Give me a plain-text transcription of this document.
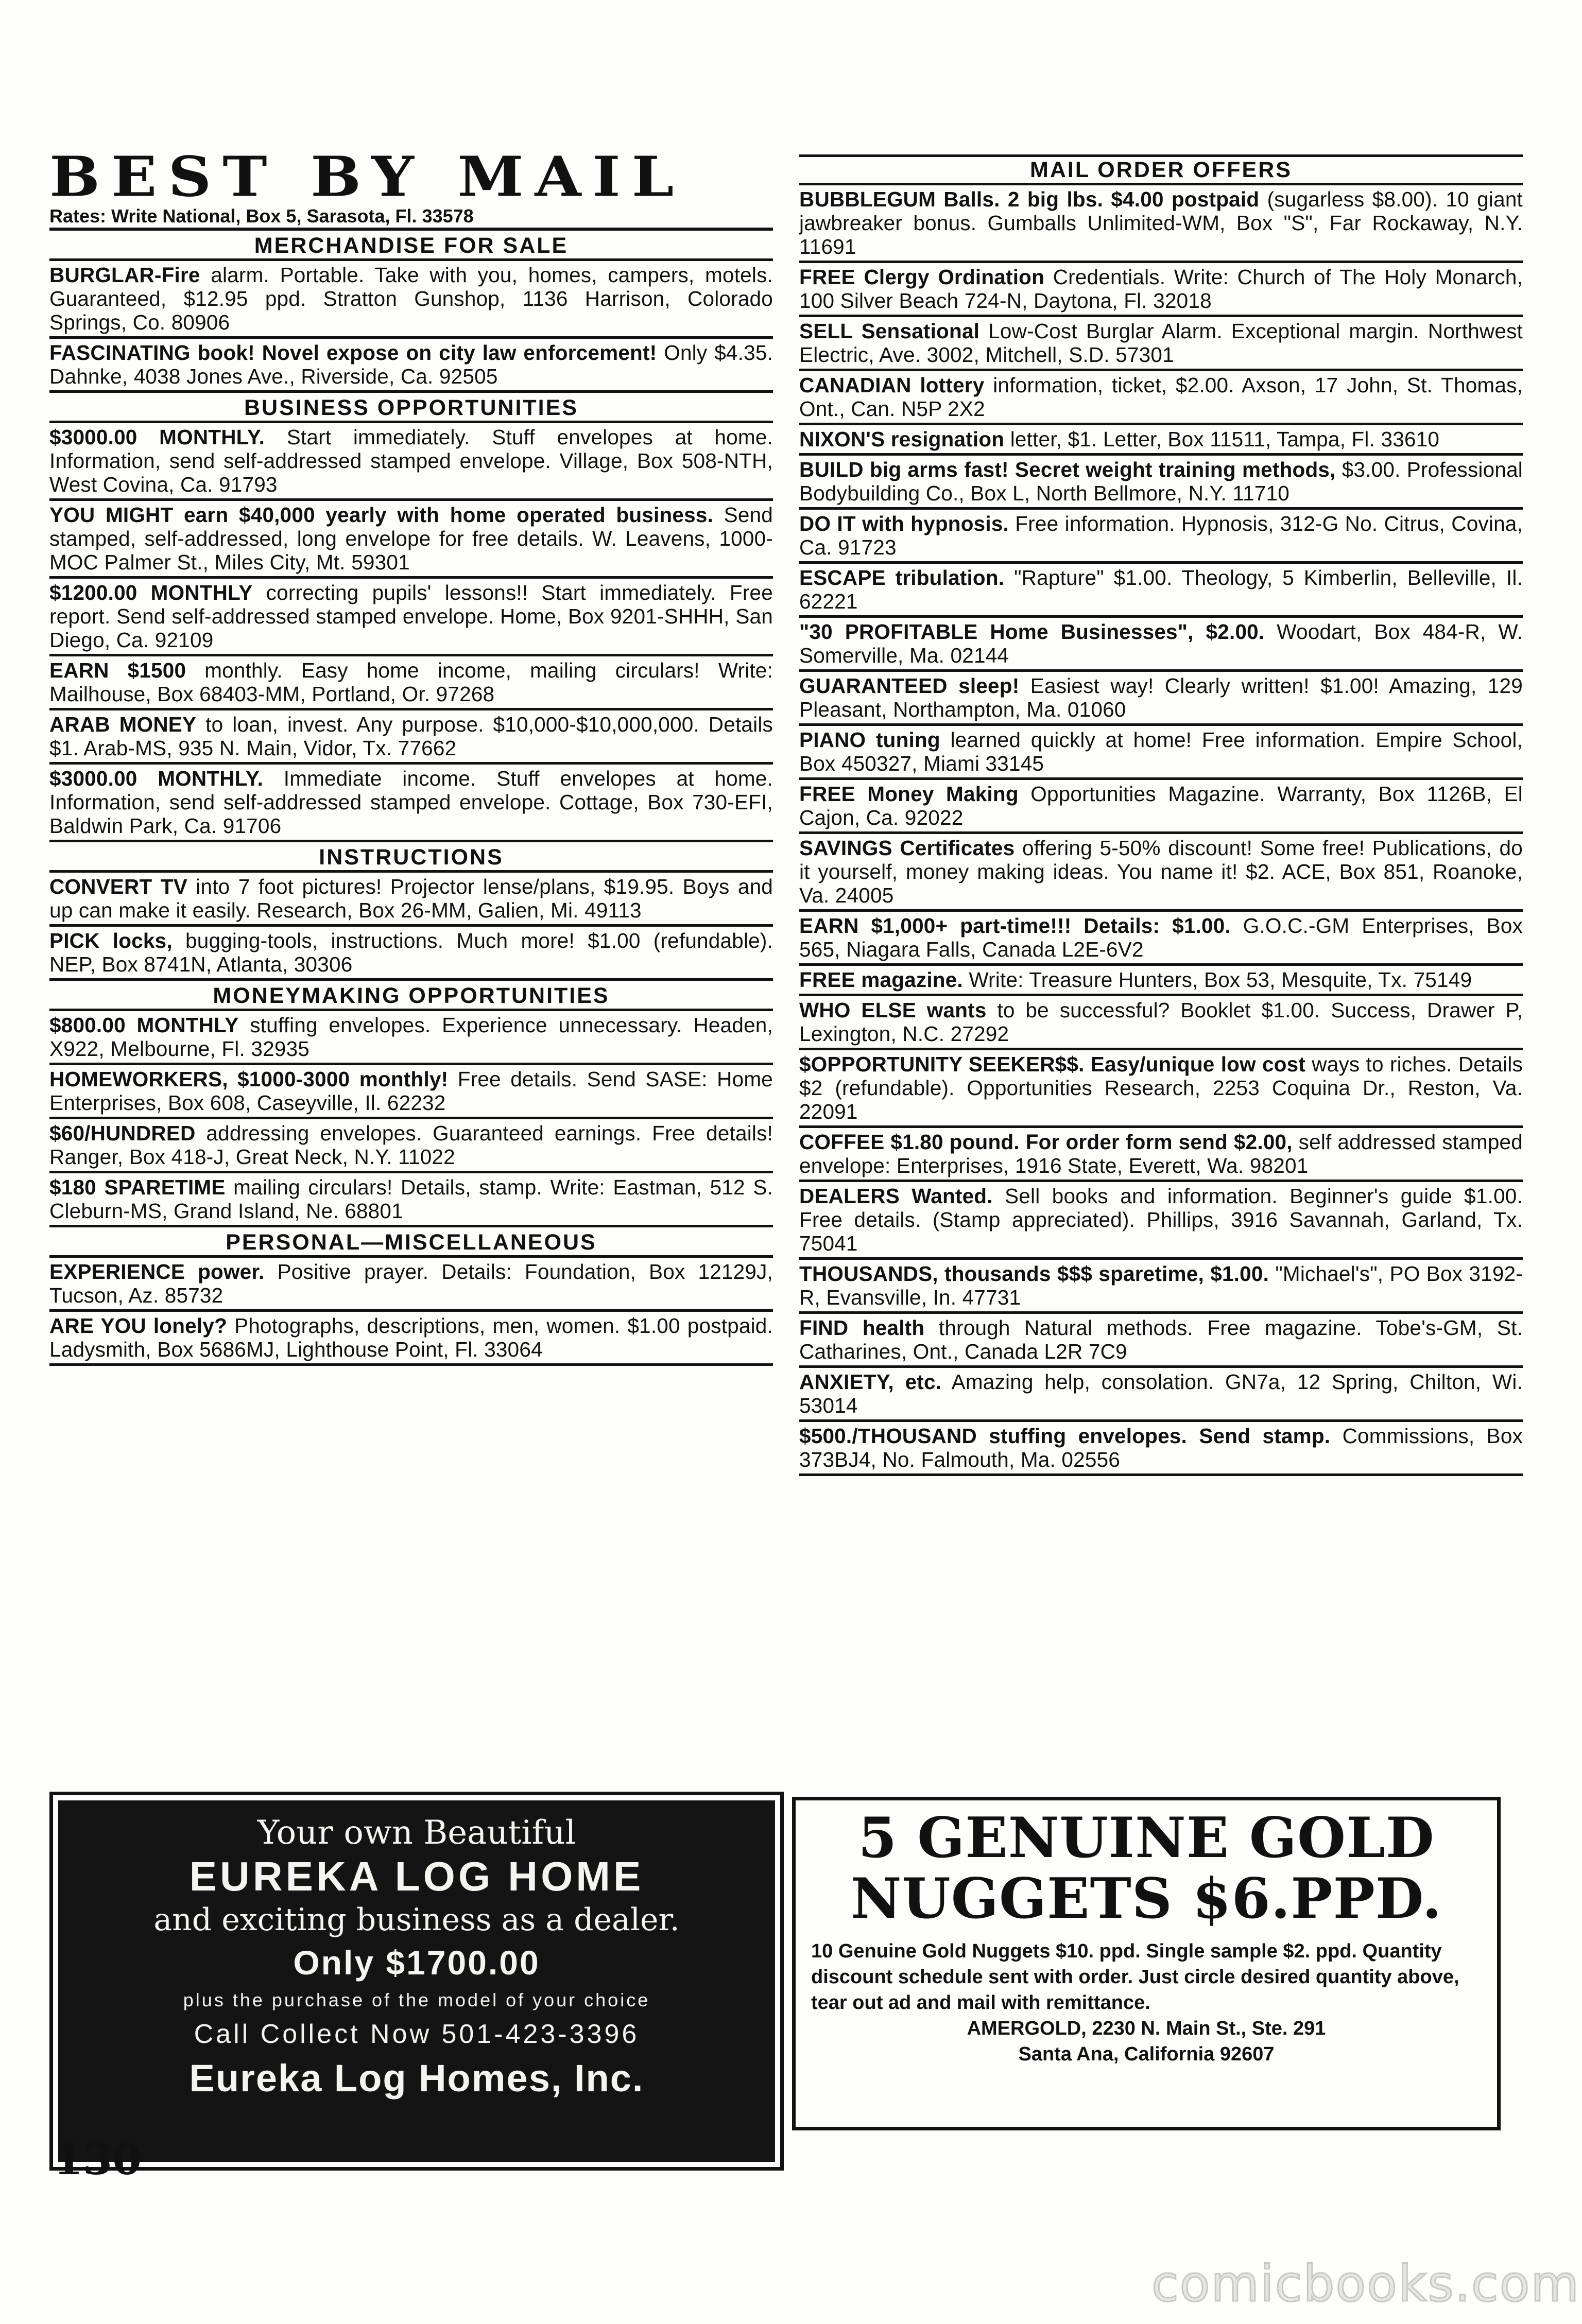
BEST BY MAIL
Rates: Write National, Box 5, Sarasota, Fl. 33578
MERCHANDISE FOR SALE
BURGLAR-Fire alarm. Portable. Take with you, homes, campers, motels. Guaranteed, $12.95 ppd. Stratton Gunshop, 1136 Harrison, Colorado Springs, Co. 80906
FASCINATING book! Novel expose on city law enforcement! Only $4.35. Dahnke, 4038 Jones Ave., Riverside, Ca. 92505
BUSINESS OPPORTUNITIES
$3000.00 MONTHLY. Start immediately. Stuff envelopes at home. Information, send self-addressed stamped envelope. Village, Box 508-NTH, West Covina, Ca. 91793
YOU MIGHT earn $40,000 yearly with home operated business. Send stamped, self-addressed, long envelope for free details. W. Leavens, 1000-MOC Palmer St., Miles City, Mt. 59301
$1200.00 MONTHLY correcting pupils' lessons!! Start immediately. Free report. Send self-addressed stamped envelope. Home, Box 9201-SHHH, San Diego, Ca. 92109
EARN $1500 monthly. Easy home income, mailing circulars! Write: Mailhouse, Box 68403-MM, Portland, Or. 97268
ARAB MONEY to loan, invest. Any purpose. $10,000-$10,000,000. Details $1. Arab-MS, 935 N. Main, Vidor, Tx. 77662
$3000.00 MONTHLY. Immediate income. Stuff envelopes at home. Information, send self-addressed stamped envelope. Cottage, Box 730-EFI, Baldwin Park, Ca. 91706
INSTRUCTIONS
CONVERT TV into 7 foot pictures! Projector lense/plans, $19.95. Boys and up can make it easily. Research, Box 26-MM, Galien, Mi. 49113
PICK locks, bugging-tools, instructions. Much more! $1.00 (refundable). NEP, Box 8741N, Atlanta, 30306
MONEYMAKING OPPORTUNITIES
$800.00 MONTHLY stuffing envelopes. Experience unnecessary. Headen, X922, Melbourne, Fl. 32935
HOMEWORKERS, $1000-3000 monthly! Free details. Send SASE: Home Enterprises, Box 608, Caseyville, Il. 62232
$60/HUNDRED addressing envelopes. Guaranteed earnings. Free details! Ranger, Box 418-J, Great Neck, N.Y. 11022
$180 SPARETIME mailing circulars! Details, stamp. Write: Eastman, 512 S. Cleburn-MS, Grand Island, Ne. 68801
PERSONAL—MISCELLANEOUS
EXPERIENCE power. Positive prayer. Details: Foundation, Box 12129J, Tucson, Az. 85732
ARE YOU lonely? Photographs, descriptions, men, women. $1.00 postpaid. Ladysmith, Box 5686MJ, Lighthouse Point, Fl. 33064
MAIL ORDER OFFERS
BUBBLEGUM Balls. 2 big lbs. $4.00 postpaid (sugarless $8.00). 10 giant jawbreaker bonus. Gumballs Unlimited-WM, Box "S", Far Rockaway, N.Y. 11691
FREE Clergy Ordination Credentials. Write: Church of The Holy Monarch, 100 Silver Beach 724-N, Daytona, Fl. 32018
SELL Sensational Low-Cost Burglar Alarm. Exceptional margin. Northwest Electric, Ave. 3002, Mitchell, S.D. 57301
CANADIAN lottery information, ticket, $2.00. Axson, 17 John, St. Thomas, Ont., Can. N5P 2X2
NIXON'S resignation letter, $1. Letter, Box 11511, Tampa, Fl. 33610
BUILD big arms fast! Secret weight training methods, $3.00. Professional Bodybuilding Co., Box L, North Bellmore, N.Y. 11710
DO IT with hypnosis. Free information. Hypnosis, 312-G No. Citrus, Covina, Ca. 91723
ESCAPE tribulation. "Rapture" $1.00. Theology, 5 Kimberlin, Belleville, Il. 62221
"30 PROFITABLE Home Businesses", $2.00. Woodart, Box 484-R, W. Somerville, Ma. 02144
GUARANTEED sleep! Easiest way! Clearly written! $1.00! Amazing, 129 Pleasant, Northampton, Ma. 01060
PIANO tuning learned quickly at home! Free information. Empire School, Box 450327, Miami 33145
FREE Money Making Opportunities Magazine. Warranty, Box 1126B, El Cajon, Ca. 92022
SAVINGS Certificates offering 5-50% discount! Some free! Publications, do it yourself, money making ideas. You name it! $2. ACE, Box 851, Roanoke, Va. 24005
EARN $1,000+ part-time!!! Details: $1.00. G.O.C.-GM Enterprises, Box 565, Niagara Falls, Canada L2E-6V2
FREE magazine. Write: Treasure Hunters, Box 53, Mesquite, Tx. 75149
WHO ELSE wants to be successful? Booklet $1.00. Success, Drawer P, Lexington, N.C. 27292
$OPPORTUNITY SEEKER$$. Easy/unique low cost ways to riches. Details $2 (refundable). Opportunities Research, 2253 Coquina Dr., Reston, Va. 22091
COFFEE $1.80 pound. For order form send $2.00, self addressed stamped envelope: Enterprises, 1916 State, Everett, Wa. 98201
DEALERS Wanted. Sell books and information. Beginner's guide $1.00. Free details. (Stamp appreciated). Phillips, 3916 Savannah, Garland, Tx. 75041
THOUSANDS, thousands $$$ sparetime, $1.00. "Michael's", PO Box 3192-R, Evansville, In. 47731
FIND health through Natural methods. Free magazine. Tobe's-GM, St. Catharines, Ont., Canada L2R 7C9
ANXIETY, etc. Amazing help, consolation. GN7a, 12 Spring, Chilton, Wi. 53014
$500./THOUSAND stuffing envelopes. Send stamp. Commissions, Box 373BJ4, No. Falmouth, Ma. 02556
Your own Beautiful
EUREKA LOG HOME
and exciting business as a dealer.
Only $1700.00
plus the purchase of the model of your choice
Call Collect Now 501-423-3396
Eureka Log Homes, Inc.
5 GENUINE GOLD
NUGGETS $6.PPD.
10 Genuine Gold Nuggets $10. ppd. Single sample $2. ppd. Quantity discount schedule sent with order. Just circle desired quantity above, tear out ad and mail with remittance.
AMERGOLD, 2230 N. Main St., Ste. 291
Santa Ana, California 92607
130
comicbooks.com
